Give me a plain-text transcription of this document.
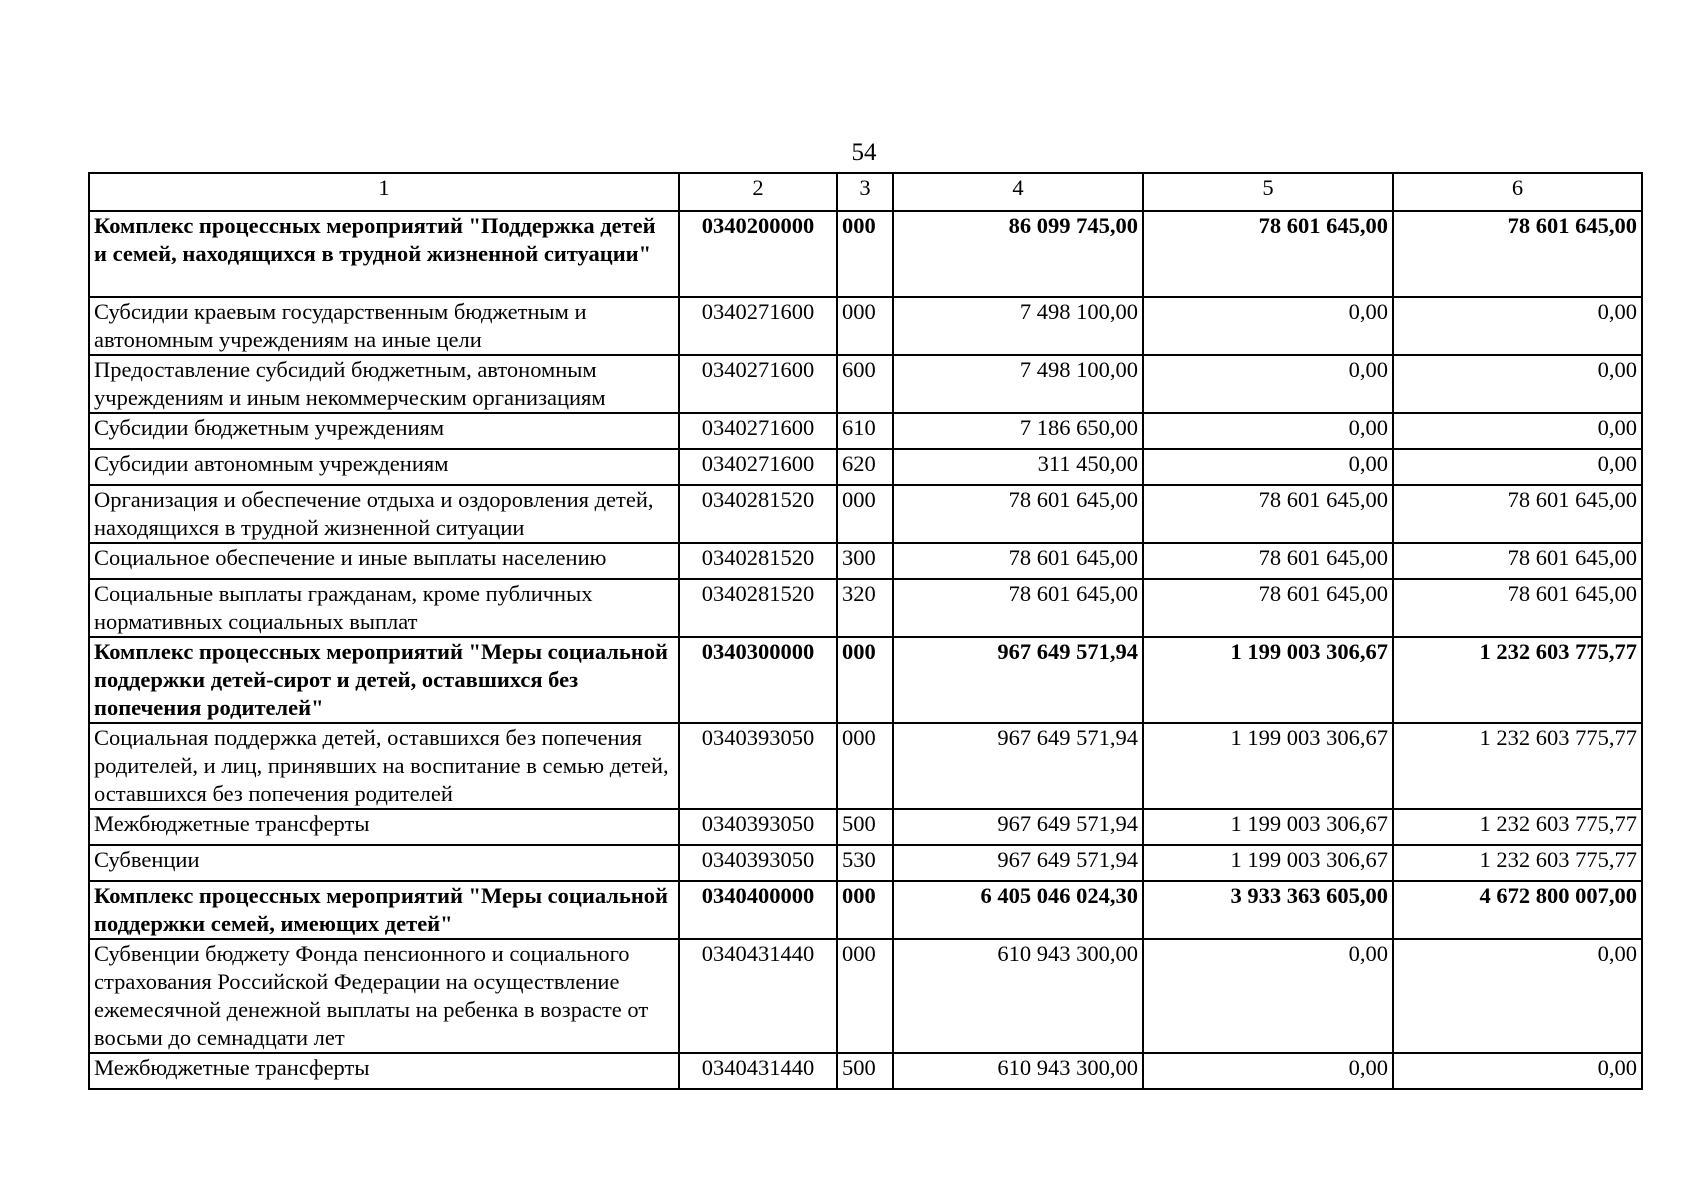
54
1	2	3	4	5	6
Комплекс процессных мероприятий "Поддержка детей и семей, находящихся в трудной жизненной ситуации"	0340200000	000	86 099 745,00	78 601 645,00	78 601 645,00
Субсидии краевым государственным бюджетным и автономным учреждениям на иные цели	0340271600	000	7 498 100,00	0,00	0,00
Предоставление субсидий бюджетным, автономным учреждениям и иным некоммерческим организациям	0340271600	600	7 498 100,00	0,00	0,00
Субсидии бюджетным учреждениям	0340271600	610	7 186 650,00	0,00	0,00
Субсидии автономным учреждениям	0340271600	620	311 450,00	0,00	0,00
Организация и обеспечение отдыха и оздоровления детей, находящихся в трудной жизненной ситуации	0340281520	000	78 601 645,00	78 601 645,00	78 601 645,00
Социальное обеспечение и иные выплаты населению	0340281520	300	78 601 645,00	78 601 645,00	78 601 645,00
Социальные выплаты гражданам, кроме публичных нормативных социальных выплат	0340281520	320	78 601 645,00	78 601 645,00	78 601 645,00
Комплекс процессных мероприятий "Меры социальной поддержки детей-сирот и детей, оставшихся без попечения родителей"	0340300000	000	967 649 571,94	1 199 003 306,67	1 232 603 775,77
Социальная поддержка детей, оставшихся без попечения родителей, и лиц, принявших на воспитание в семью детей, оставшихся без попечения родителей	0340393050	000	967 649 571,94	1 199 003 306,67	1 232 603 775,77
Межбюджетные трансферты	0340393050	500	967 649 571,94	1 199 003 306,67	1 232 603 775,77
Субвенции	0340393050	530	967 649 571,94	1 199 003 306,67	1 232 603 775,77
Комплекс процессных мероприятий "Меры социальной поддержки семей, имеющих детей"	0340400000	000	6 405 046 024,30	3 933 363 605,00	4 672 800 007,00
Субвенции бюджету Фонда пенсионного и социального страхования Российской Федерации на осуществление ежемесячной денежной выплаты на ребенка в возрасте от восьми до семнадцати лет	0340431440	000	610 943 300,00	0,00	0,00
Межбюджетные трансферты	0340431440	500	610 943 300,00	0,00	0,00
